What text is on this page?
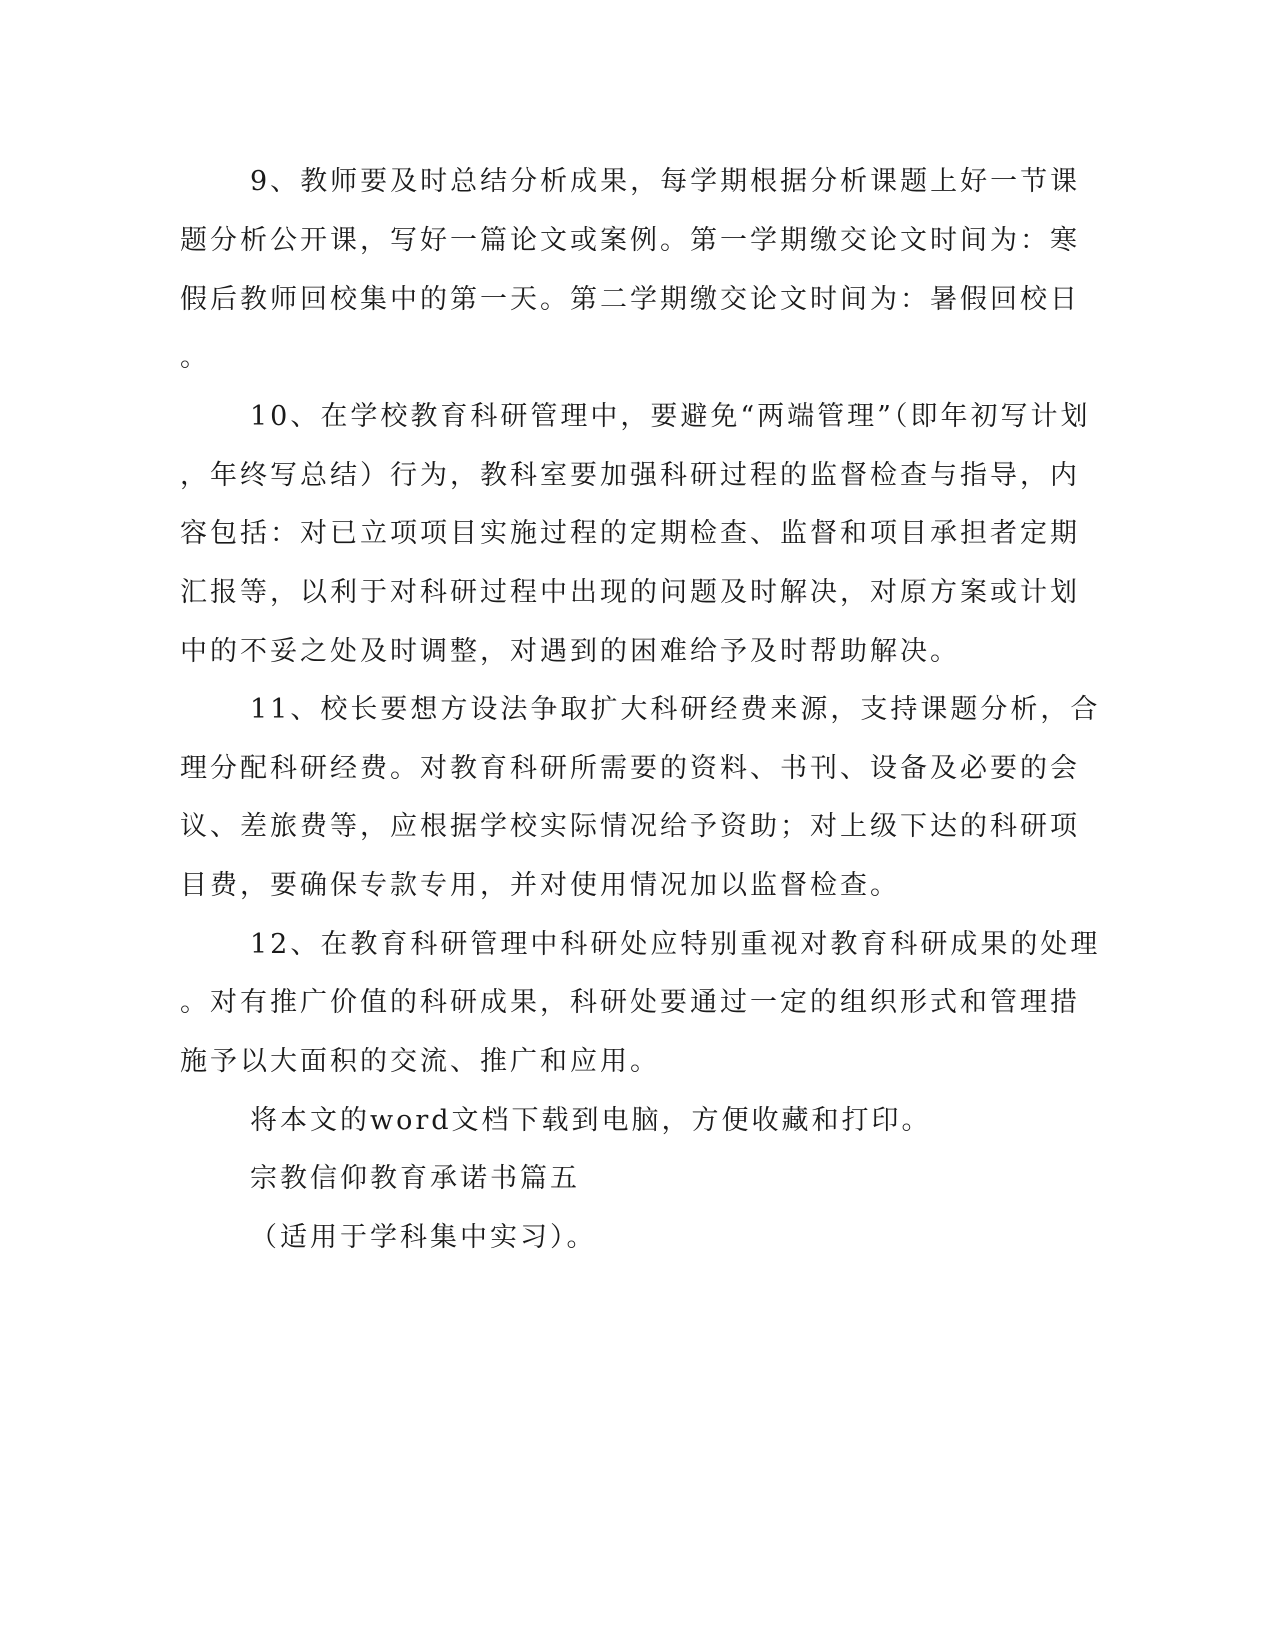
9、教师要及时总结分析成果，每学期根据分析课题上好一节课
题分析公开课，写好一篇论文或案例。第一学期缴交论文时间为：寒
假后教师回校集中的第一天。第二学期缴交论文时间为：暑假回校日
。
10、在学校教育科研管理中，要避免“两端管理”（即年初写计划
，年终写总结）行为，教科室要加强科研过程的监督检查与指导，内
容包括：对已立项项目实施过程的定期检查、监督和项目承担者定期
汇报等，以利于对科研过程中出现的问题及时解决，对原方案或计划
中的不妥之处及时调整，对遇到的困难给予及时帮助解决。
11、校长要想方设法争取扩大科研经费来源，支持课题分析，合
理分配科研经费。对教育科研所需要的资料、书刊、设备及必要的会
议、差旅费等，应根据学校实际情况给予资助；对上级下达的科研项
目费，要确保专款专用，并对使用情况加以监督检查。
12、在教育科研管理中科研处应特别重视对教育科研成果的处理
。对有推广价值的科研成果，科研处要通过一定的组织形式和管理措
施予以大面积的交流、推广和应用。
将本文的word文档下载到电脑，方便收藏和打印。
宗教信仰教育承诺书篇五
（适用于学科集中实习）。
